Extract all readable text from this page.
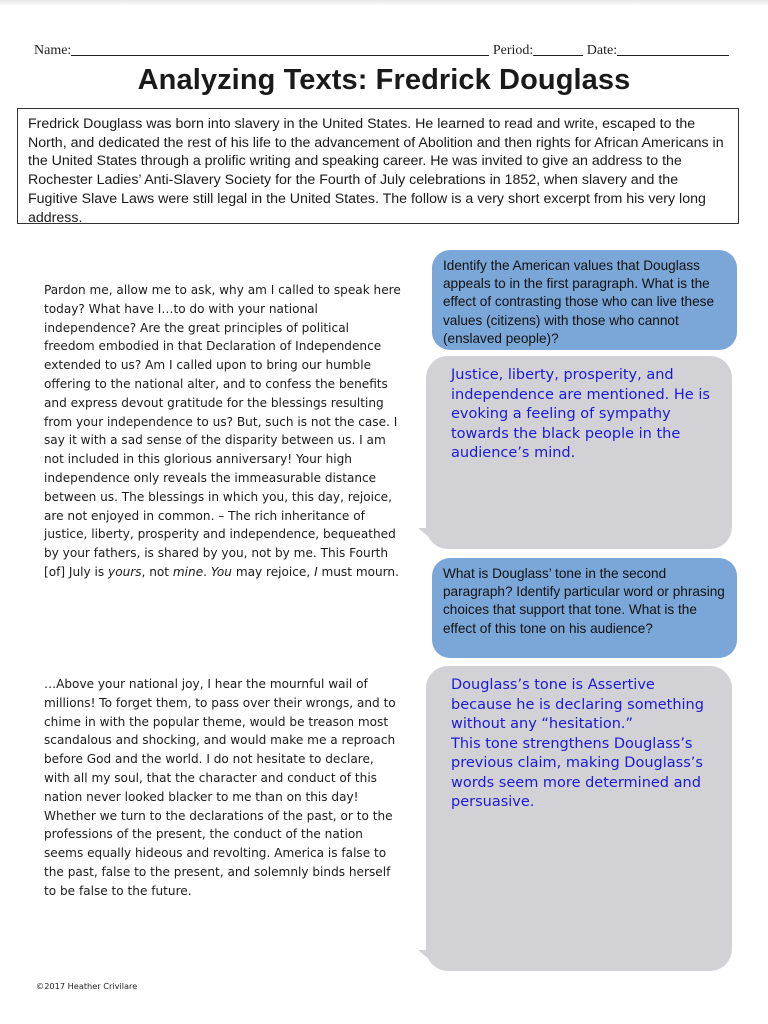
Name:	Period:	Date:
Analyzing Texts: Fredrick Douglass
Fredrick Douglass was born into slavery in the United States. He learned to read and write, escaped to the North, and dedicated the rest of his life to the advancement of Abolition and then rights for African Americans in the United States through a prolific writing and speaking career. He was invited to give an address to the Rochester Ladies’ Anti-Slavery Society for the Fourth of July celebrations in 1852, when slavery and the Fugitive Slave Laws were still legal in the United States. The follow is a very short excerpt from his very long address.

Pardon me, allow me to ask, why am I called to speak here today? What have I…to do with your national independence? Are the great principles of political freedom embodied in that Declaration of Independence extended to us? Am I called upon to bring our humble offering to the national alter, and to confess the benefits and express devout gratitude for the blessings resulting from your independence to us? But, such is not the case. I say it with a sad sense of the disparity between us. I am not included in this glorious anniversary! Your high independence only reveals the immeasurable distance between us. The blessings in which you, this day, rejoice, are not enjoyed in common. – The rich inheritance of justice, liberty, prosperity and independence, bequeathed by your fathers, is shared by you, not by me. This Fourth [of] July is yours, not mine. You may rejoice, I must mourn.

…Above your national joy, I hear the mournful wail of millions! To forget them, to pass over their wrongs, and to chime in with the popular theme, would be treason most scandalous and shocking, and would make me a reproach before God and the world. I do not hesitate to declare, with all my soul, that the character and conduct of this nation never looked blacker to me than on this day! Whether we turn to the declarations of the past, or to the professions of the present, the conduct of the nation seems equally hideous and revolting. America is false to the past, false to the present, and solemnly binds herself to be false to the future.

Identify the American values that Douglass appeals to in the first paragraph. What is the effect of contrasting those who can live these values (citizens) with those who cannot (enslaved people)?
Justice, liberty, prosperity, and independence are mentioned. He is evoking a feeling of sympathy towards the black people in the audience’s mind.
What is Douglass’ tone in the second paragraph? Identify particular word or phrasing choices that support that tone. What is the effect of this tone on his audience?
Douglass’s tone is Assertive because he is declaring something without any “hesitation.”
This tone strengthens Douglass’s previous claim, making Douglass’s words seem more determined and persuasive.
©2017 Heather Crivilare
